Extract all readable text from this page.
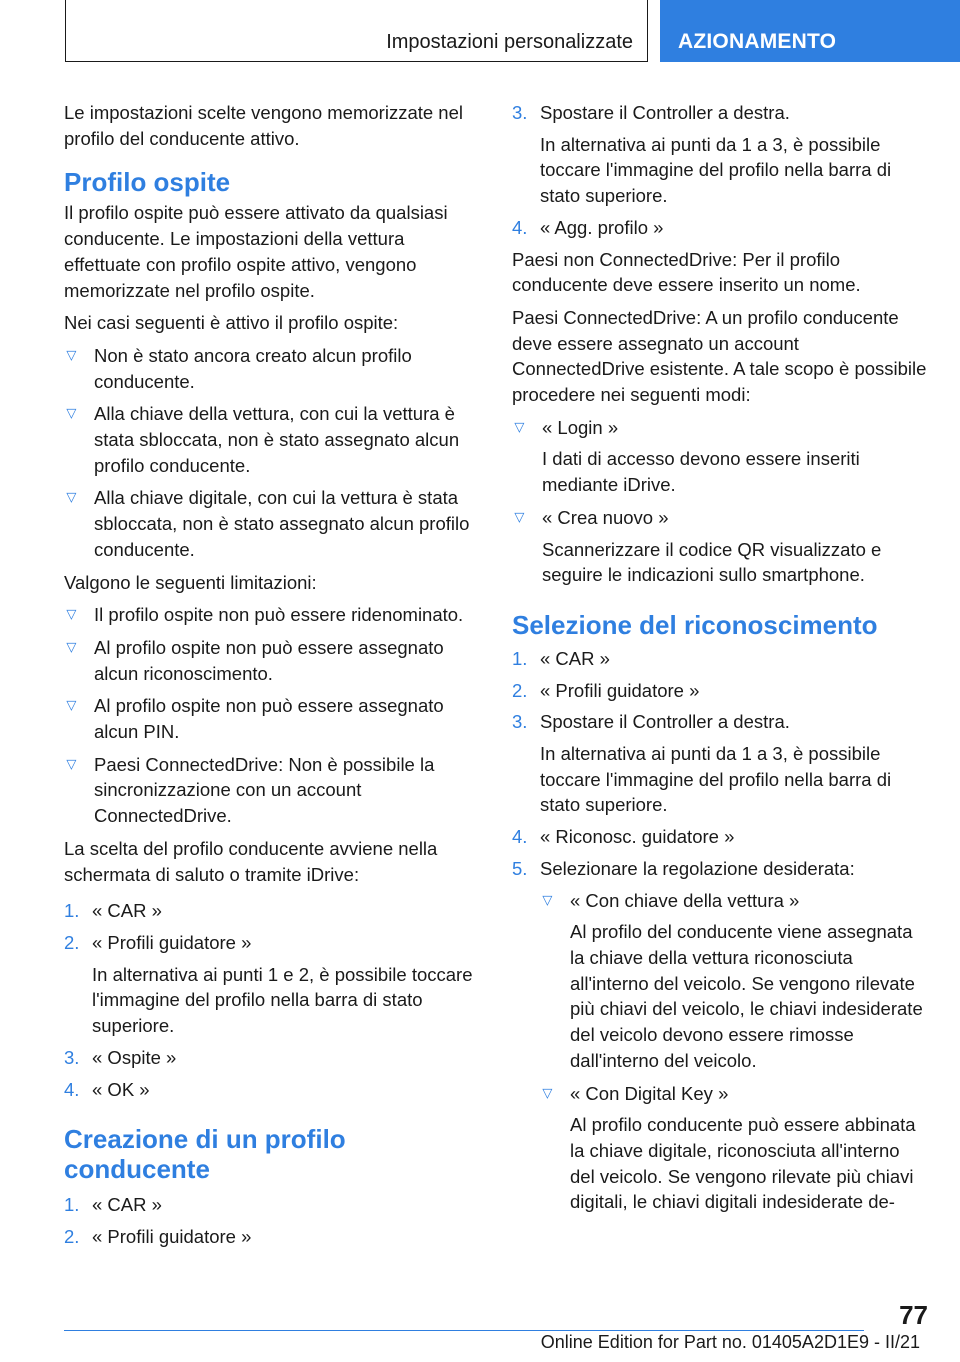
Impostazioni personalizzate	AZIONAMENTO

Le impostazioni scelte vengono memorizzate nel profilo del conducente attivo.

Profilo ospite

Il profilo ospite può essere attivato da qualsiasi conducente. Le impostazioni della vettura effettuate con profilo ospite attivo, vengono memorizzate nel profilo ospite.

Nei casi seguenti è attivo il profilo ospite:

▷ Non è stato ancora creato alcun profilo conducente.
▷ Alla chiave della vettura, con cui la vettura è stata sbloccata, non è stato assegnato alcun profilo conducente.
▷ Alla chiave digitale, con cui la vettura è stata sbloccata, non è stato assegnato alcun profilo conducente.

Valgono le seguenti limitazioni:

▷ Il profilo ospite non può essere ridenominato.
▷ Al profilo ospite non può essere assegnato alcun riconoscimento.
▷ Al profilo ospite non può essere assegnato alcun PIN.
▷ Paesi ConnectedDrive: Non è possibile la sincronizzazione con un account ConnectedDrive.

La scelta del profilo conducente avviene nella schermata di saluto o tramite iDrive:

1. « CAR »
2. « Profili guidatore »
In alternativa ai punti 1 e 2, è possibile toccare l'immagine del profilo nella barra di stato superiore.
3. « Ospite »
4. « OK »
Creazione di un profilo conducente
1. « CAR »
2. « Profili guidatore »
3. Spostare il Controller a destra.
In alternativa ai punti da 1 a 3, è possibile toccare l'immagine del profilo nella barra di stato superiore.
4. « Agg. profilo »

Paesi non ConnectedDrive: Per il profilo conducente deve essere inserito un nome.

Paesi ConnectedDrive: A un profilo conducente deve essere assegnato un account ConnectedDrive esistente. A tale scopo è possibile procedere nei seguenti modi:

▷ « Login »
I dati di accesso devono essere inseriti mediante iDrive.
▷ « Crea nuovo »
Scannerizzare il codice QR visualizzato e seguire le indicazioni sullo smartphone.
Selezione del riconoscimento
1. « CAR »
2. « Profili guidatore »
3. Spostare il Controller a destra.
In alternativa ai punti da 1 a 3, è possibile toccare l'immagine del profilo nella barra di stato superiore.
4. « Riconosc. guidatore »
5. Selezionare la regolazione desiderata:
▷ « Con chiave della vettura »
Al profilo del conducente viene assegnata la chiave della vettura riconosciuta all'interno del veicolo. Se vengono rilevate più chiavi del veicolo, le chiavi indesiderate del veicolo devono essere rimosse dall'interno del veicolo.
▷ « Con Digital Key »
Al profilo conducente può essere abbinata la chiave digitale, riconosciuta all'interno del veicolo. Se vengono rilevate più chiavi digitali, le chiavi digitali indesiderate de-
77
Online Edition for Part no. 01405A2D1E9 - II/21
